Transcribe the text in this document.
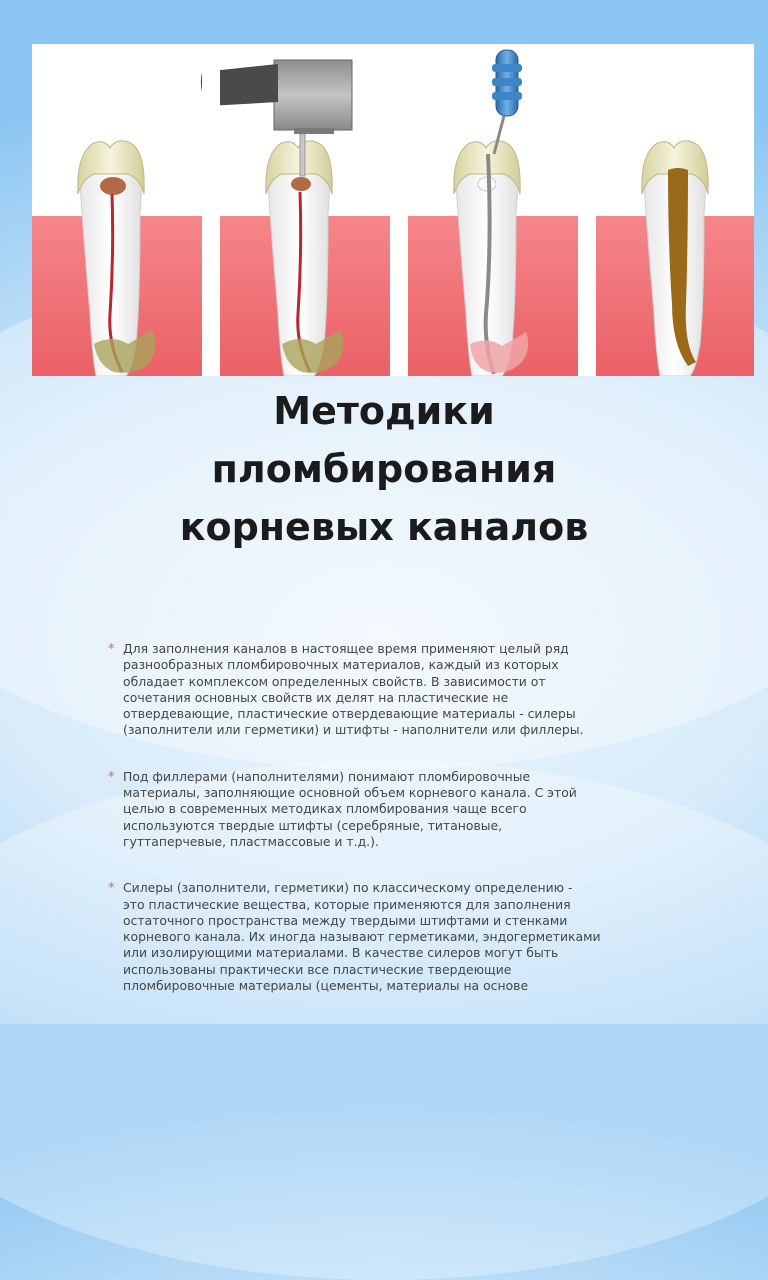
Методики
пломбирования
корневых каналов
* Для заполнения каналов в настоящее время применяют целый ряд
разнообразных пломбировочных материалов, каждый из которых
обладает комплексом определенных свойств. В зависимости от
сочетания основных свойств их делят на пластические не
отвердевающие, пластические отвердевающие материалы - силеры
(заполнители или герметики) и штифты - наполнители или филлеры.
* Под филлерами (наполнителями) понимают пломбировочные
материалы, заполняющие основной объем корневого канала. С этой
целью в современных методиках пломбирования чаще всего
используются твердые штифты (серебряные, титановые,
гуттаперчевые, пластмассовые и т.д.).
* Силеры (заполнители, герметики) по классическому определению -
это пластические вещества, которые применяются для заполнения
остаточного пространства между твердыми штифтами и стенками
корневого канала. Их иногда называют герметиками, эндогерметиками
или изолирующими материалами. В качестве силеров могут быть
использованы практически все пластические твердеющие
пломбировочные материалы (цементы, материалы на основе
